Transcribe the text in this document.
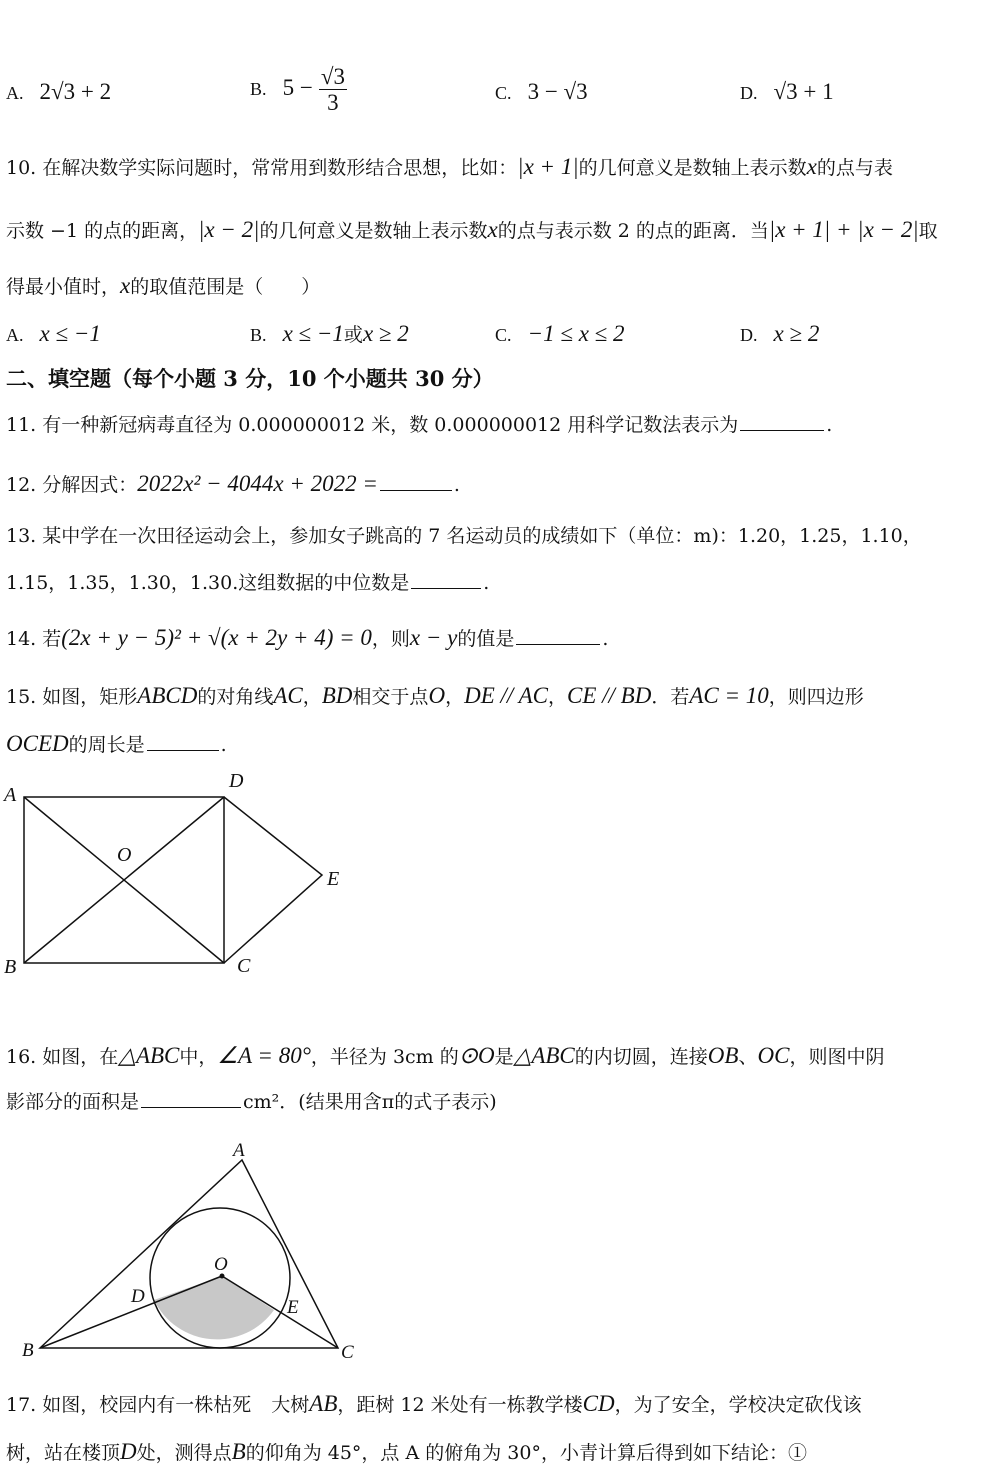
A. 2√3 + 2	B. $5 - \frac{√3}{3}$	C. 3 − √3	D. √3 + 1
10. 在解决数学实际问题时，常常用到数形结合思想，比如：|x + 1|的几何意义是数轴上表示数x的点与表
示数 −1 的点的距离，|x − 2|的几何意义是数轴上表示数x的点与表示数 2 的点的距离．当|x + 1| + |x − 2|取
得最小值时，x的取值范围是（　　）
A. x ≤ −1	B. x ≤ −1或x ≥ 2	C. −1 ≤ x ≤ 2	D. x ≥ 2
二、填空题（每个小题 3 分，10 个小题共 30 分）
11. 有一种新冠病毒直径为 0.000000012 米，数 0.000000012 用科学记数法表示为	.
12. 分解因式：2022x² − 4044x + 2022 =	.
13. 某中学在一次田径运动会上，参加女子跳高的 7 名运动员的成绩如下（单位：m)：1.20，1.25，1.10，
1.15，1.35，1.30，1.30.这组数据的中位数是	.
14. 若(2x + y − 5)² + √(x + 2y + 4) = 0，则x − y的值是	.
15. 如图，矩形ABCD的对角线AC，BD相交于点O，DE // AC，CE // BD．若AC = 10，则四边形
OCED的周长是	.
A
D
O
E
B	C
16. 如图，在△ABC中，∠A = 80°，半径为 3cm 的⊙O是△ABC的内切圆，连接OB、OC，则图中阴
影部分的面积是	cm²．(结果用含π的式子表示)
A
O
D
E
B	C
17. 如图，校园内有一株枯死 大树AB，距树 12 米处有一栋教学楼CD，为了安全，学校决定砍伐该
树，站在楼顶D处，测得点B的仰角为 45°，点 A 的俯角为 30°，小青计算后得到如下结论：①
